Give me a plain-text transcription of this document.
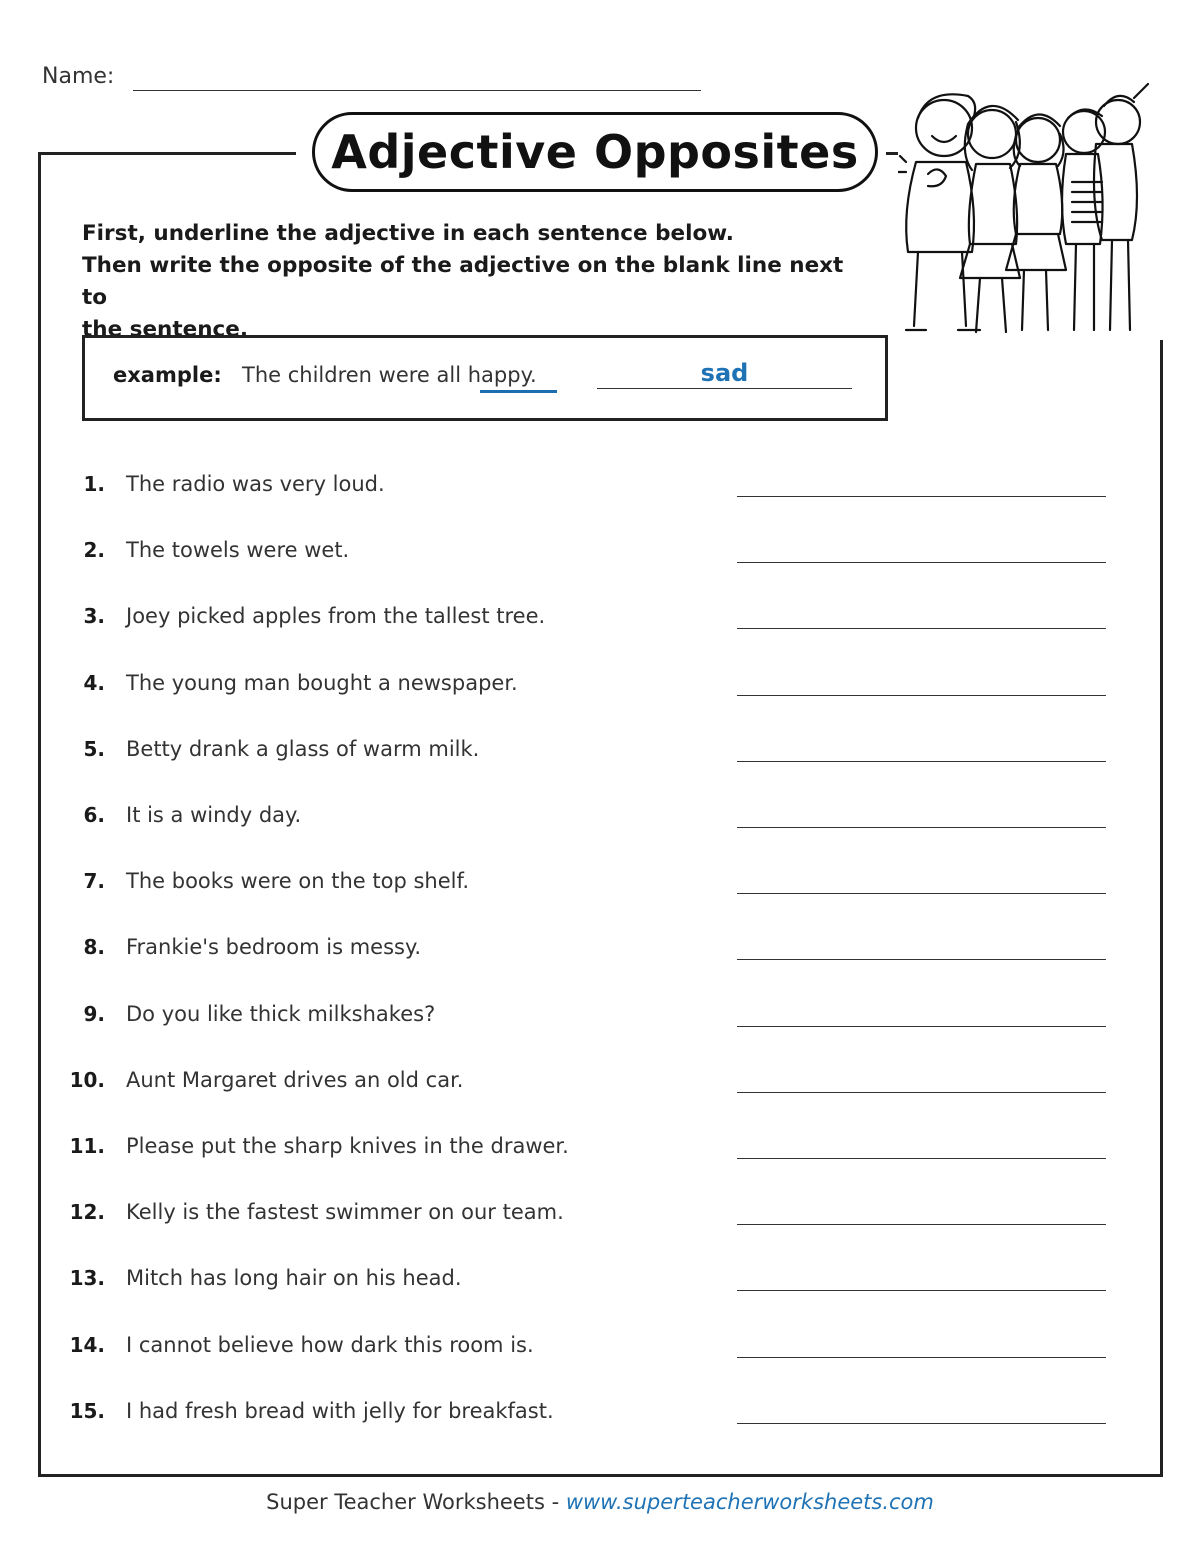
Name:
Adjective Opposites
First, underline the adjective in each sentence below.
Then write the opposite of the adjective on the blank line next to
the sentence.
example: The children were all happy.	sad
1. The radio was very loud.
2. The towels were wet.
3. Joey picked apples from the tallest tree.
4. The young man bought a newspaper.
5. Betty drank a glass of warm milk.
6. It is a windy day.
7. The books were on the top shelf.
8. Frankie's bedroom is messy.
9. Do you like thick milkshakes?
10. Aunt Margaret drives an old car.
11. Please put the sharp knives in the drawer.
12. Kelly is the fastest swimmer on our team.
13. Mitch has long hair on his head.
14. I cannot believe how dark this room is.
15. I had fresh bread with jelly for breakfast.
Super Teacher Worksheets - www.superteacherworksheets.com
